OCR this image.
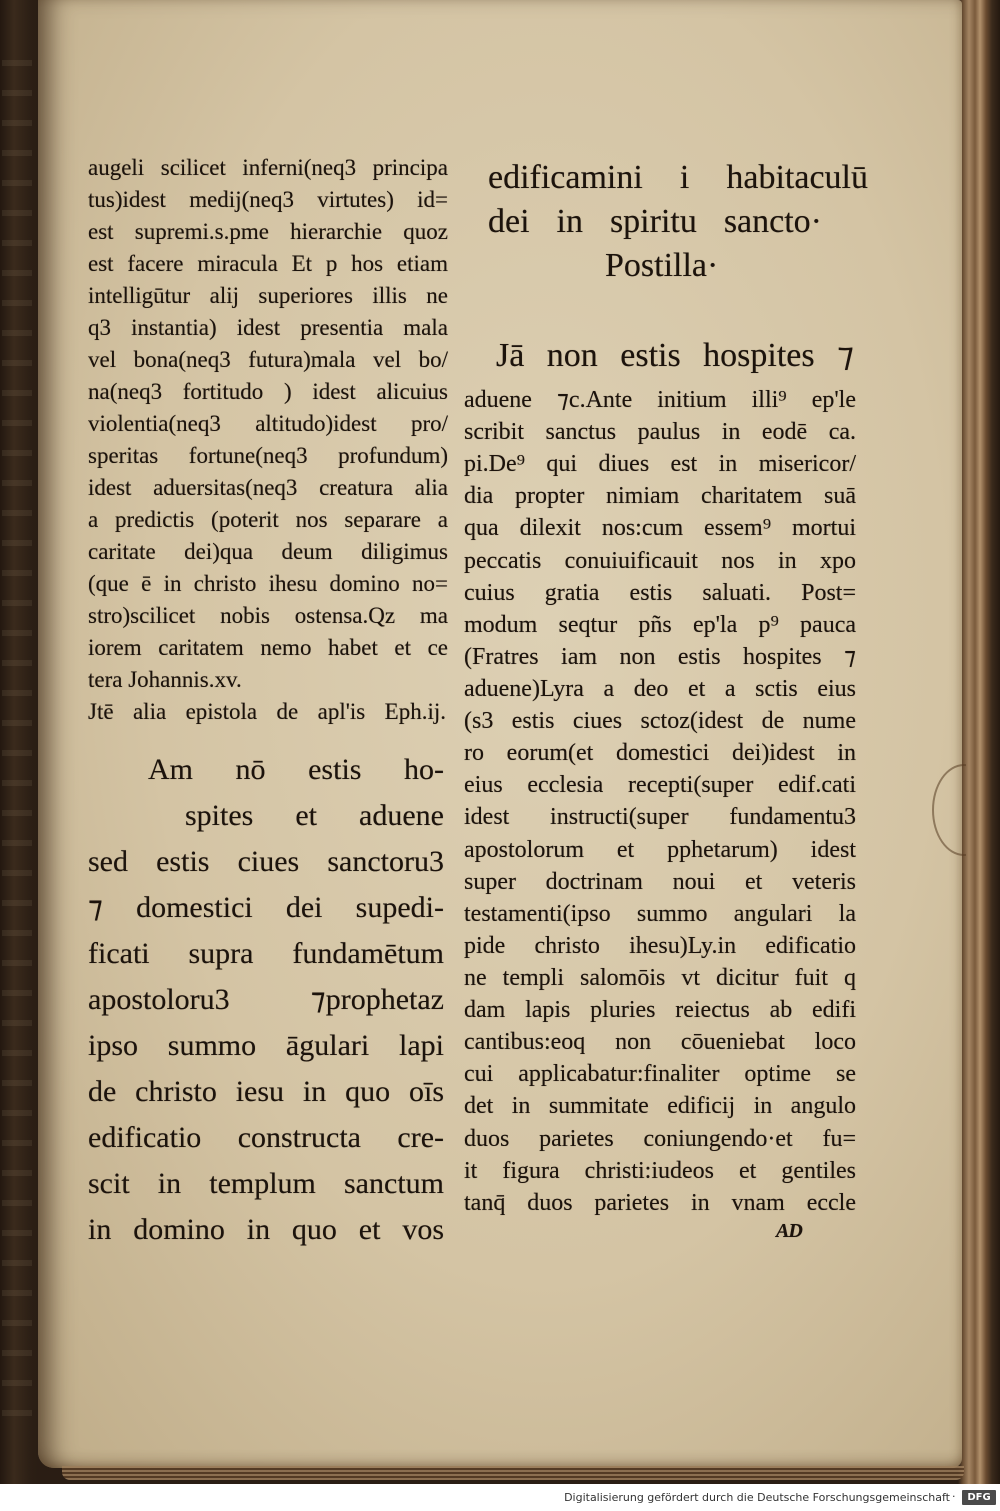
augeli scilicet inferni(neq3 principa
tus)idest medij(neq3 virtutes) id=
est supremi.s.pme hierarchie quoz
est facere miracula Et p hos etiam
intelligūtur alij superiores illis ne
q3 instantia) idest presentia mala
vel bona(neq3 futura)mala vel bo/
na(neq3 fortitudo ) idest alicuius
violentia(neq3 altitudo)idest pro/
speritas fortune(neq3 profundum)
idest aduersitas(neq3 creatura alia
a predictis (poterit nos separare a
caritate dei)qua deum diligimus
(que ē in christo ihesu domino no=
stro)scilicet nobis ostensa.Qz ma
iorem caritatem nemo habet et ce
tera Johannis.xv.
Jtē alia epistola de apl'is Eph.ij.
Am nō estis ho-
spites et aduene
sed estis ciues sanctoru3
⁊ domestici dei supedi-
ficati supra fundamētum
apostoloru3 ⁊prophetaz
ipso summo āgulari lapi
de christo iesu in quo oīs
edificatio constructa cre-
scit in templum sanctum
in domino in quo et vos
edificamini i habitaculū
dei in spiritu sancto·
Postilla·
Jā non estis hospites ⁊
aduene ⁊c.Ante initium illi⁹ ep'le
scribit sanctus paulus in eodē ca.
pi.De⁹ qui diues est in misericor/
dia propter nimiam charitatem suā
qua dilexit nos:cum essem⁹ mortui
peccatis conuiuificauit nos in xpo
cuius gratia estis saluati. Post=
modum seqtur pñs ep'la p⁹ pauca
(Fratres iam non estis hospites ⁊
aduene)Lyra a deo et a sctis eius
(s3 estis ciues sctoz(idest de nume
ro eorum(et domestici dei)idest in
eius ecclesia recepti(super edif.cati
idest instructi(super fundamentu3
apostolorum et pphetarum) idest
super doctrinam noui et veteris
testamenti(ipso summo angulari la
pide christo ihesu)Ly.in edificatio
ne templi salomōis vt dicitur fuit q
dam lapis pluries reiectus ab edifi
cantibus:eoq non cōueniebat loco
cui applicabatur:finaliter optime se
det in summitate edificij in angulo
duos parietes coniungendo·et fu=
it figura christi:iudeos et gentiles
tanq̄ duos parietes in vnam eccle
AD
Digitalisierung gefördert durch die Deutsche Forschungsgemeinschaft ·	DFG
